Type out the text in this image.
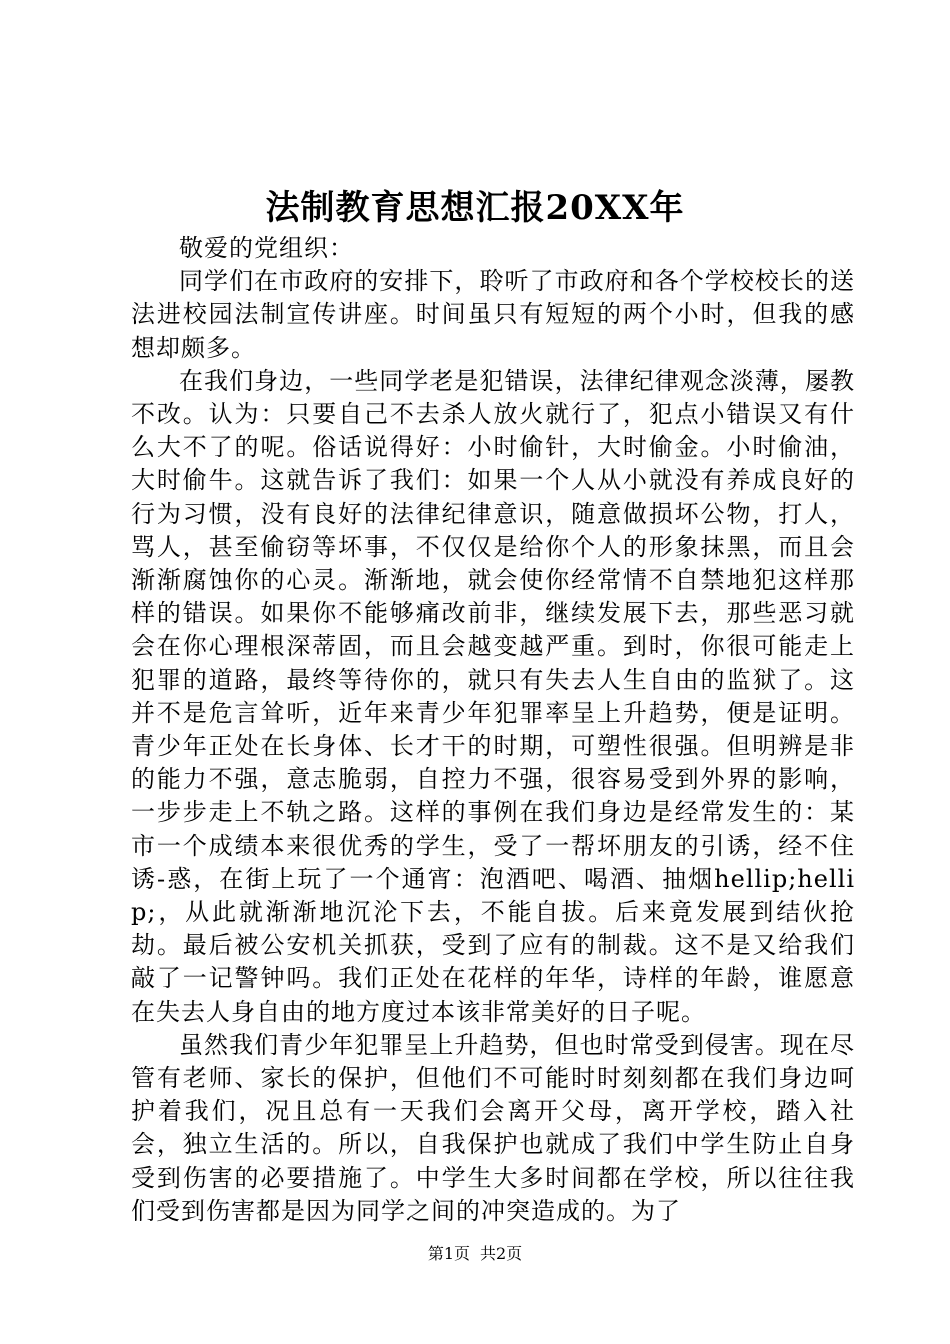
法制教育思想汇报20XX年

敬爱的党组织：

同学们在市政府的安排下，聆听了市政府和各个学校校长的送法进校园法制宣传讲座。时间虽只有短短的两个小时，但我的感想却颇多。

在我们身边，一些同学老是犯错误，法律纪律观念淡薄，屡教不改。认为：只要自己不去杀人放火就行了，犯点小错误又有什么大不了的呢。俗话说得好：小时偷针，大时偷金。小时偷油，大时偷牛。这就告诉了我们：如果一个人从小就没有养成良好的行为习惯，没有良好的法律纪律意识，随意做损坏公物，打人，骂人，甚至偷窃等坏事，不仅仅是给你个人的形象抹黑，而且会渐渐腐蚀你的心灵。渐渐地，就会使你经常情不自禁地犯这样那样的错误。如果你不能够痛改前非，继续发展下去，那些恶习就会在你心理根深蒂固，而且会越变越严重。到时，你很可能走上犯罪的道路，最终等待你的，就只有失去人生自由的监狱了。这并不是危言耸听，近年来青少年犯罪率呈上升趋势，便是证明。青少年正处在长身体、长才干的时期，可塑性很强。但明辨是非的能力不强，意志脆弱，自控力不强，很容易受到外界的影响，一步步走上不轨之路。这样的事例在我们身边是经常发生的：某市一个成绩本来很优秀的学生，受了一帮坏朋友的引诱，经不住诱-惑，在街上玩了一个通宵：泡酒吧、喝酒、抽烟hellip;hellip;，从此就渐渐地沉沦下去，不能自拔。后来竟发展到结伙抢劫。最后被公安机关抓获，受到了应有的制裁。这不是又给我们敲了一记警钟吗。我们正处在花样的年华，诗样的年龄，谁愿意在失去人身自由的地方度过本该非常美好的日子呢。

虽然我们青少年犯罪呈上升趋势，但也时常受到侵害。现在尽管有老师、家长的保护，但他们不可能时时刻刻都在我们身边呵护着我们，况且总有一天我们会离开父母，离开学校，踏入社会，独立生活的。所以，自我保护也就成了我们中学生防止自身受到伤害的必要措施了。中学生大多时间都在学校，所以往往我们受到伤害都是因为同学之间的冲突造成的。为了

第1页 共2页
